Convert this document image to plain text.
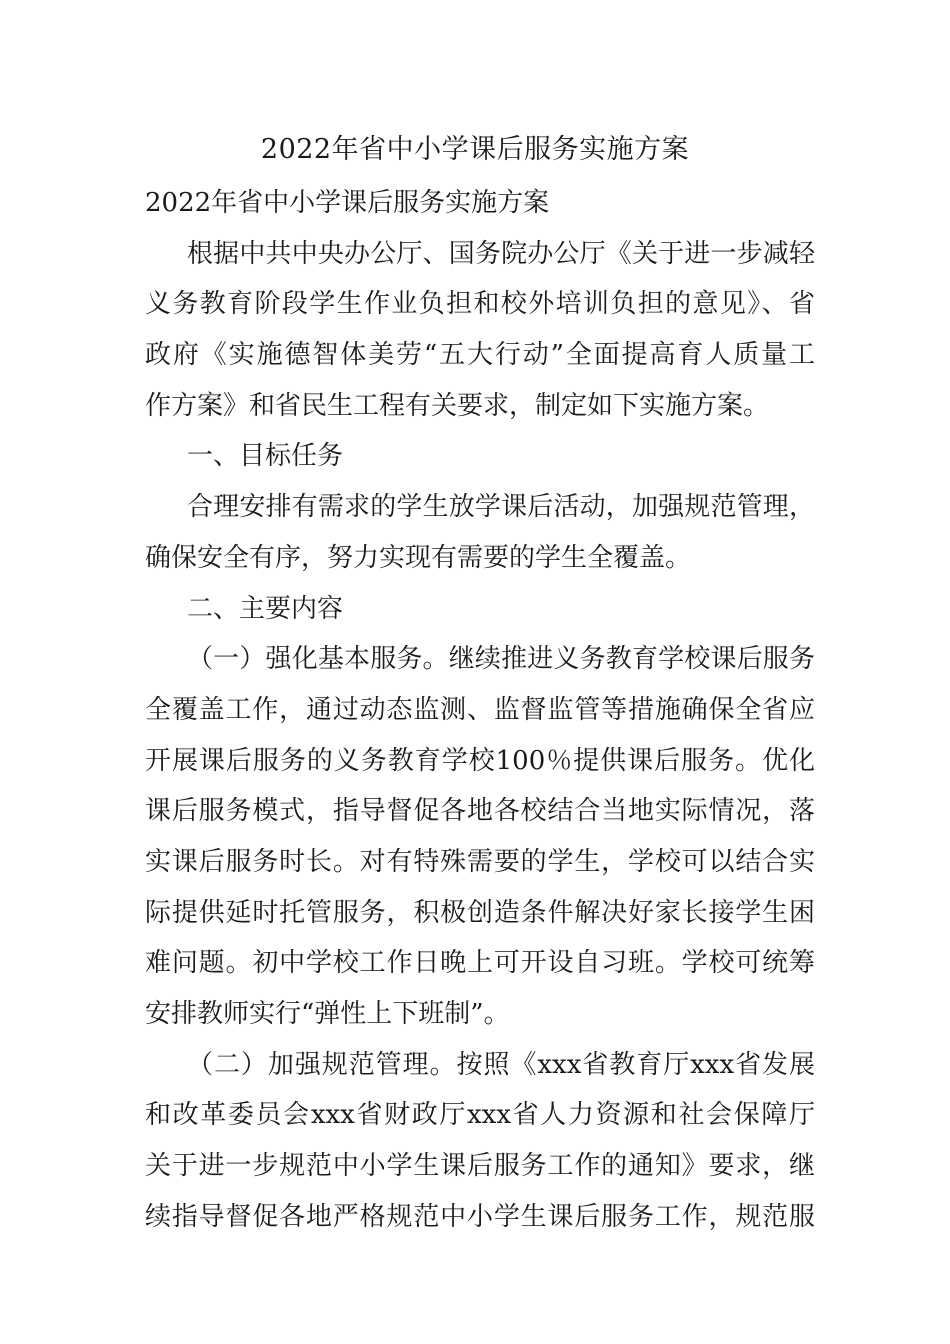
2022年省中小学课后服务实施方案
2022年省中小学课后服务实施方案
根据中共中央办公厅、国务院办公厅《关于进一步减轻
义务教育阶段学生作业负担和校外培训负担的意见》、省
政府《实施德智体美劳“五大行动”全面提高育人质量工
作方案》和省民生工程有关要求，制定如下实施方案。
一、目标任务
合理安排有需求的学生放学课后活动，加强规范管理，
确保安全有序，努力实现有需要的学生全覆盖。
二、主要内容
（一）强化基本服务。继续推进义务教育学校课后服务
全覆盖工作，通过动态监测、监督监管等措施确保全省应
开展课后服务的义务教育学校100％提供课后服务。优化
课后服务模式，指导督促各地各校结合当地实际情况，落
实课后服务时长。对有特殊需要的学生，学校可以结合实
际提供延时托管服务，积极创造条件解决好家长接学生困
难问题。初中学校工作日晚上可开设自习班。学校可统筹
安排教师实行“弹性上下班制”。
（二）加强规范管理。按照《xxx省教育厅xxx省发展
和改革委员会xxx省财政厅xxx省人力资源和社会保障厅
关于进一步规范中小学生课后服务工作的通知》要求，继
续指导督促各地严格规范中小学生课后服务工作，规范服
